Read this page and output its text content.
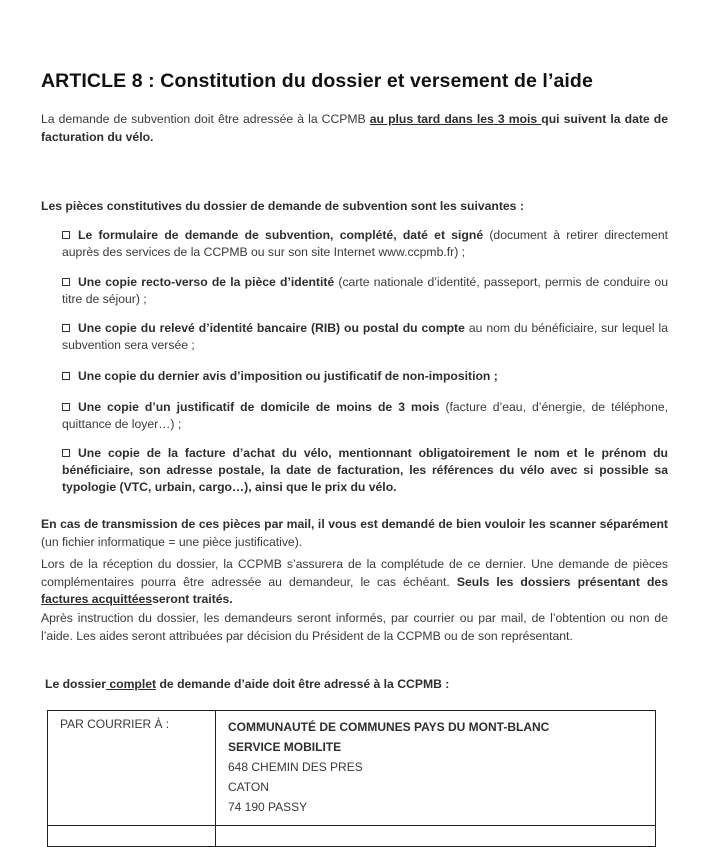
ARTICLE 8 : Constitution du dossier et versement de l’aide
La demande de subvention doit être adressée à la CCPMB au plus tard dans les 3 mois qui suivent la date de facturation du vélo.
Les pièces constitutives du dossier de demande de subvention sont les suivantes :
Le formulaire de demande de subvention, complété, daté et signé (document à retirer directement auprès des services de la CCPMB ou sur son site Internet www.ccpmb.fr) ;
Une copie recto-verso de la pièce d’identité (carte nationale d’identité, passeport, permis de conduire ou titre de séjour) ;
Une copie du relevé d’identité bancaire (RIB) ou postal du compte au nom du bénéficiaire, sur lequel la subvention sera versée ;
Une copie du dernier avis d’imposition ou justificatif de non-imposition ;
Une copie d’un justificatif de domicile de moins de 3 mois (facture d’eau, d’énergie, de téléphone, quittance de loyer…) ;
Une copie de la facture d’achat du vélo, mentionnant obligatoirement le nom et le prénom du bénéficiaire, son adresse postale, la date de facturation, les références du vélo avec si possible sa typologie (VTC, urbain, cargo…), ainsi que le prix du vélo.
En cas de transmission de ces pièces par mail, il vous est demandé de bien vouloir les scanner séparément (un fichier informatique = une pièce justificative).
Lors de la réception du dossier, la CCPMB s’assurera de la complétude de ce dernier. Une demande de pièces complémentaires pourra être adressée au demandeur, le cas échéant. Seuls les dossiers présentant des factures acquittéesseront traités.
Après instruction du dossier, les demandeurs seront informés, par courrier ou par mail, de l’obtention ou non de l’aide. Les aides seront attribuées par décision du Président de la CCPMB ou de son représentant.
Le dossier complet de demande d’aide doit être adressé à la CCPMB :
PAR COURRIER À :	COMMUNAUTÉ DE COMMUNES PAYS DU MONT-BLANC
SERVICE MOBILITE
648 CHEMIN DES PRES
CATON
74 190 PASSY
